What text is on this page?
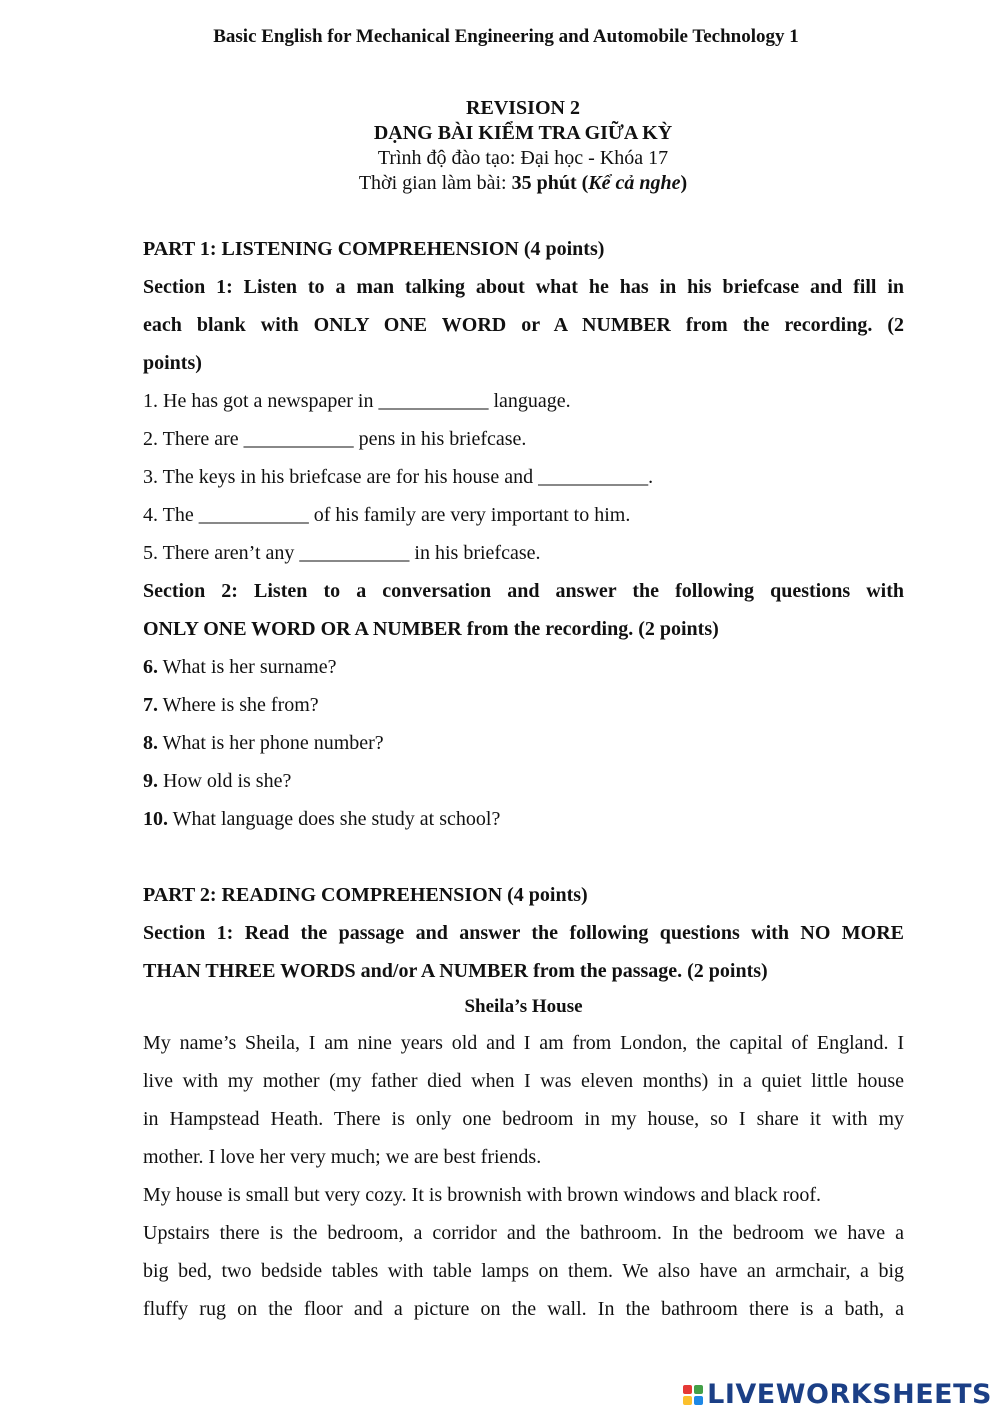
Basic English for Mechanical Engineering and Automobile Technology 1
REVISION 2
DẠNG BÀI KIỂM TRA GIỮA KỲ
Trình độ đào tạo: Đại học - Khóa 17
Thời gian làm bài: 35 phút (Kể cả nghe)
PART 1: LISTENING COMPREHENSION (4 points)
Section 1: Listen to a man talking about what he has in his briefcase and fill in
each blank with ONLY ONE WORD or A NUMBER from the recording. (2
points)
1. He has got a newspaper in ___________ language.
2. There are ___________ pens in his briefcase.
3. The keys in his briefcase are for his house and ___________.
4. The ___________ of his family are very important to him.
5. There aren’t any ___________ in his briefcase.
Section 2: Listen to a conversation and answer the following questions with
ONLY ONE WORD OR A NUMBER from the recording. (2 points)
6. What is her surname?
7. Where is she from?
8. What is her phone number?
9. How old is she?
10. What language does she study at school?
PART 2: READING COMPREHENSION (4 points)
Section 1: Read the passage and answer the following questions with NO MORE
THAN THREE WORDS and/or A NUMBER from the passage. (2 points)
Sheila’s House
My name’s Sheila, I am nine years old and I am from London, the capital of England. I
live with my mother (my father died when I was eleven months) in a quiet little house
in Hampstead Heath. There is only one bedroom in my house, so I share it with my
mother. I love her very much; we are best friends.
My house is small but very cozy. It is brownish with brown windows and black roof.
Upstairs there is the bedroom, a corridor and the bathroom. In the bedroom we have a
big bed, two bedside tables with table lamps on them. We also have an armchair, a big
fluffy rug on the floor and a picture on the wall. In the bathroom there is a bath, a
LIVEWORKSHEETS
